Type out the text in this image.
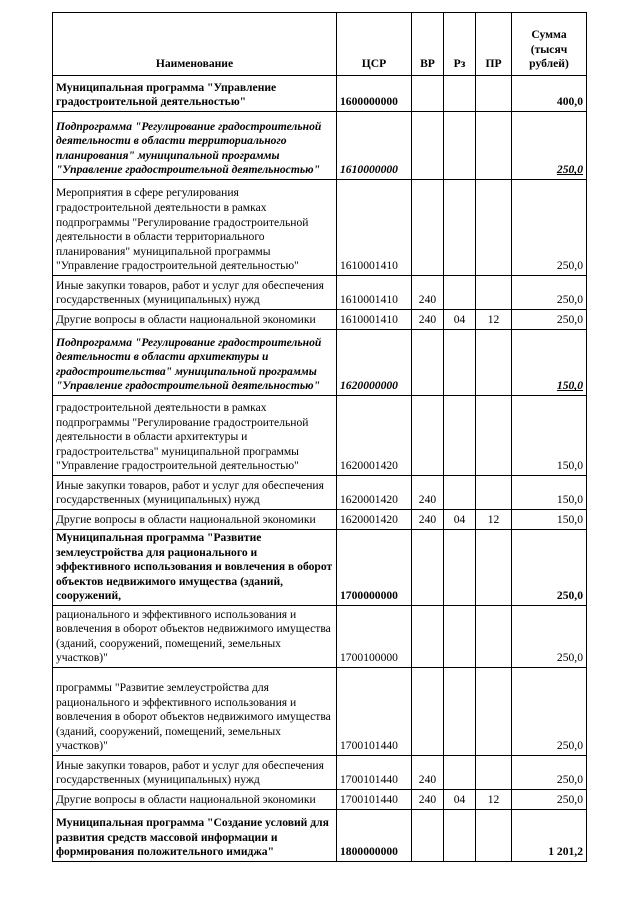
Наименование	ЦСР	ВР	Рз	ПР	Сумма (тысяч рублей)
Муниципальная программа "Управление градостроительной деятельностью"	1600000000				400,0
Подпрограмма "Регулирование градостроительной деятельности в области территориального планирования" муниципальной программы "Управление градостроительной деятельностью"	1610000000				250,0
Мероприятия в сфере регулирования градостроительной деятельности в рамках подпрограммы "Регулирование градостроительной деятельности в области территориального планирования" муниципальной программы "Управление градостроительной деятельностью"	1610001410				250,0
Иные закупки товаров, работ и услуг для обеспечения государственных (муниципальных) нужд	1610001410	240			250,0
Другие вопросы в области национальной экономики	1610001410	240	04	12	250,0
Подпрограмма "Регулирование градостроительной деятельности в области архитектуры и градостроительства" муниципальной программы "Управление градостроительной деятельностью"	1620000000				150,0
градостроительной деятельности в рамках подпрограммы "Регулирование градостроительной деятельности в области архитектуры и градостроительства" муниципальной программы "Управление градостроительной деятельностью"	1620001420				150,0
Иные закупки товаров, работ и услуг для обеспечения государственных (муниципальных) нужд	1620001420	240			150,0
Другие вопросы в области национальной экономики	1620001420	240	04	12	150,0
Муниципальная программа "Развитие землеустройства для рационального и эффективного использования и вовлечения в оборот объектов недвижимого имущества (зданий, сооружений,	1700000000				250,0
рационального и эффективного использования и вовлечения в оборот объектов недвижимого имущества (зданий, сооружений, помещений, земельных участков)"	1700100000				250,0
программы "Развитие землеустройства для рационального и эффективного использования и вовлечения в оборот объектов недвижимого имущества (зданий, сооружений, помещений, земельных участков)"	1700101440				250,0
Иные закупки товаров, работ и услуг для обеспечения государственных (муниципальных) нужд	1700101440	240			250,0
Другие вопросы в области национальной экономики	1700101440	240	04	12	250,0
Муниципальная программа "Создание условий для развития средств массовой информации и формирования положительного имиджа"	1800000000				1 201,2
